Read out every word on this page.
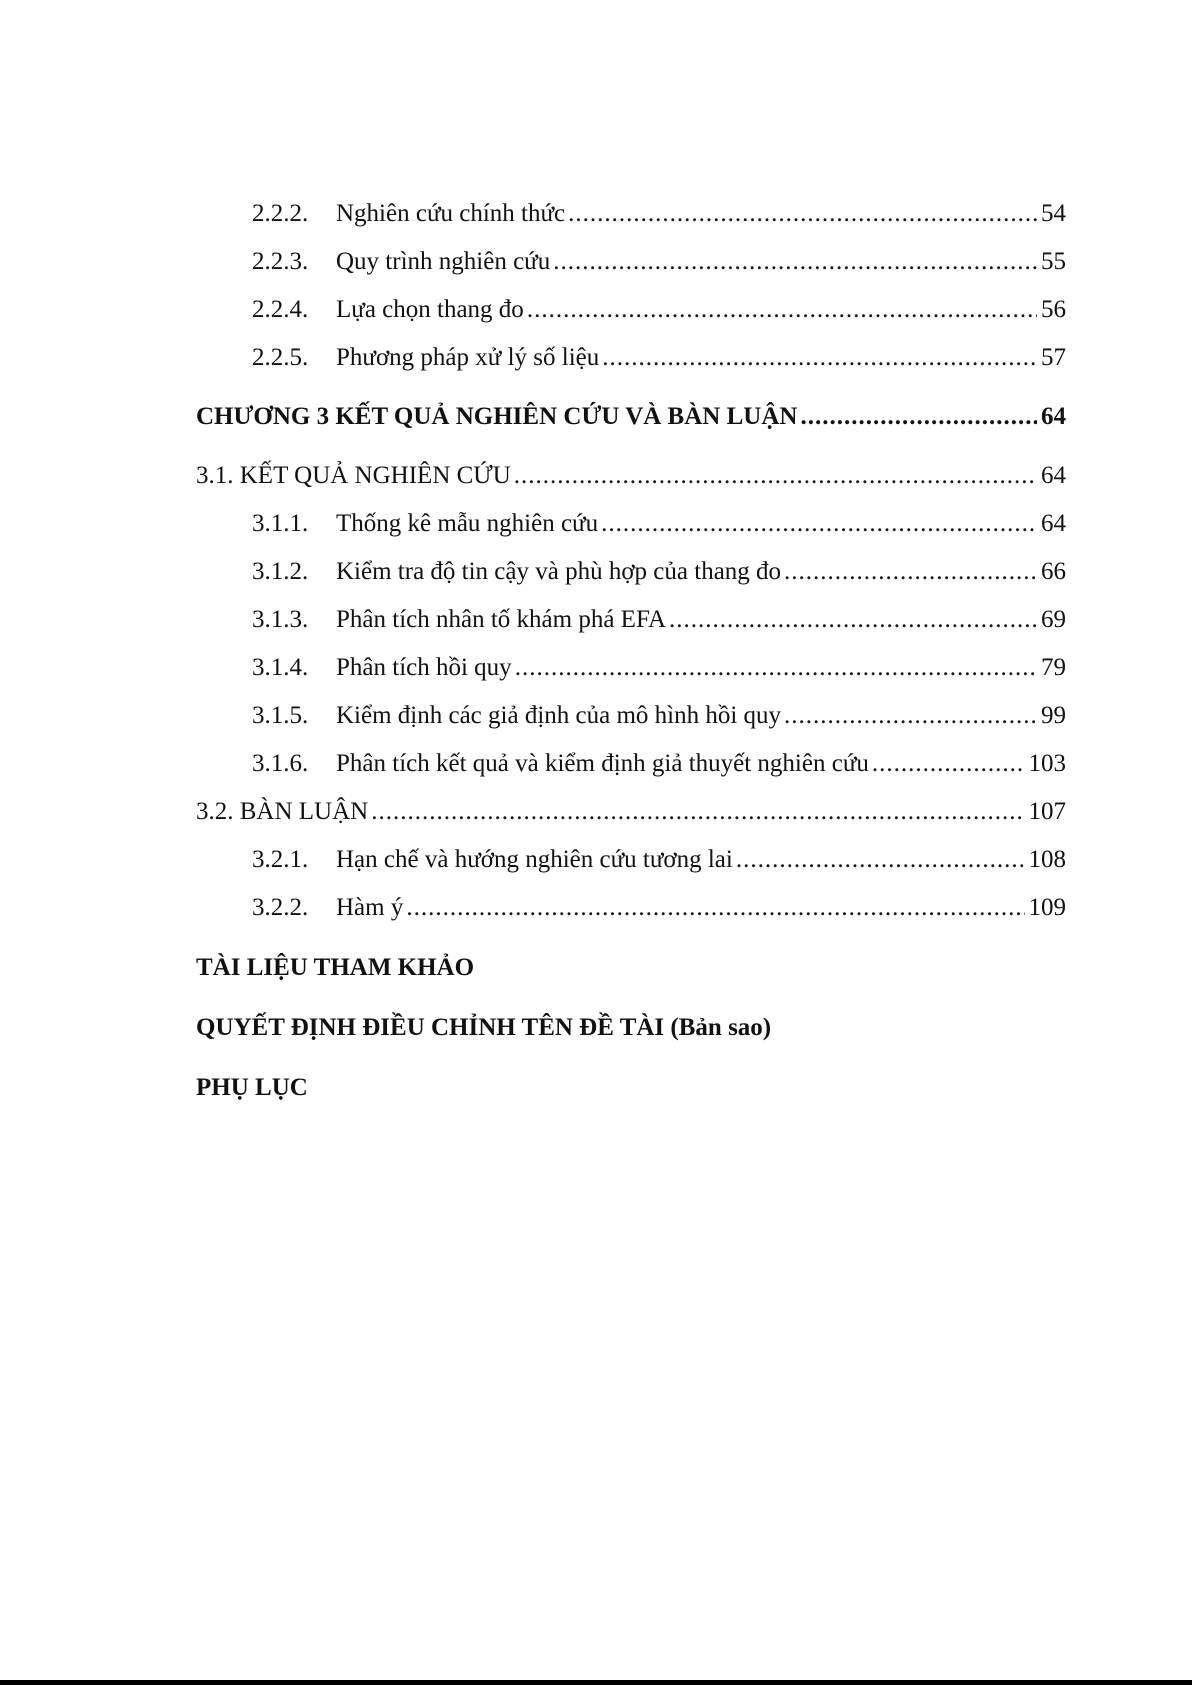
2.2.2.	Nghiên cứu chính thức .....	54
2.2.3.	Quy trình nghiên cứu .....	55
2.2.4.	Lựa chọn thang đo .....	56
2.2.5.	Phương pháp xử lý số liệu .....	57
CHƯƠNG 3 KẾT QUẢ NGHIÊN CỨU VÀ BÀN LUẬN .....	64
3.1. KẾT QUẢ NGHIÊN CỨU .....	64
3.1.1.	Thống kê mẫu nghiên cứu .....	64
3.1.2.	Kiểm tra độ tin cậy và phù hợp của thang đo .....	66
3.1.3.	Phân tích nhân tố khám phá EFA .....	69
3.1.4.	Phân tích hồi quy .....	79
3.1.5.	Kiểm định các giả định của mô hình hồi quy .....	99
3.1.6.	Phân tích kết quả và kiểm định giả thuyết nghiên cứu .....	103
3.2. BÀN LUẬN .....	107
3.2.1.	Hạn chế và hướng nghiên cứu tương lai .....	108
3.2.2.	Hàm ý .....	109
TÀI LIỆU THAM KHẢO
QUYẾT ĐỊNH ĐIỀU CHỈNH TÊN ĐỀ TÀI (Bản sao)
PHỤ LỤC
